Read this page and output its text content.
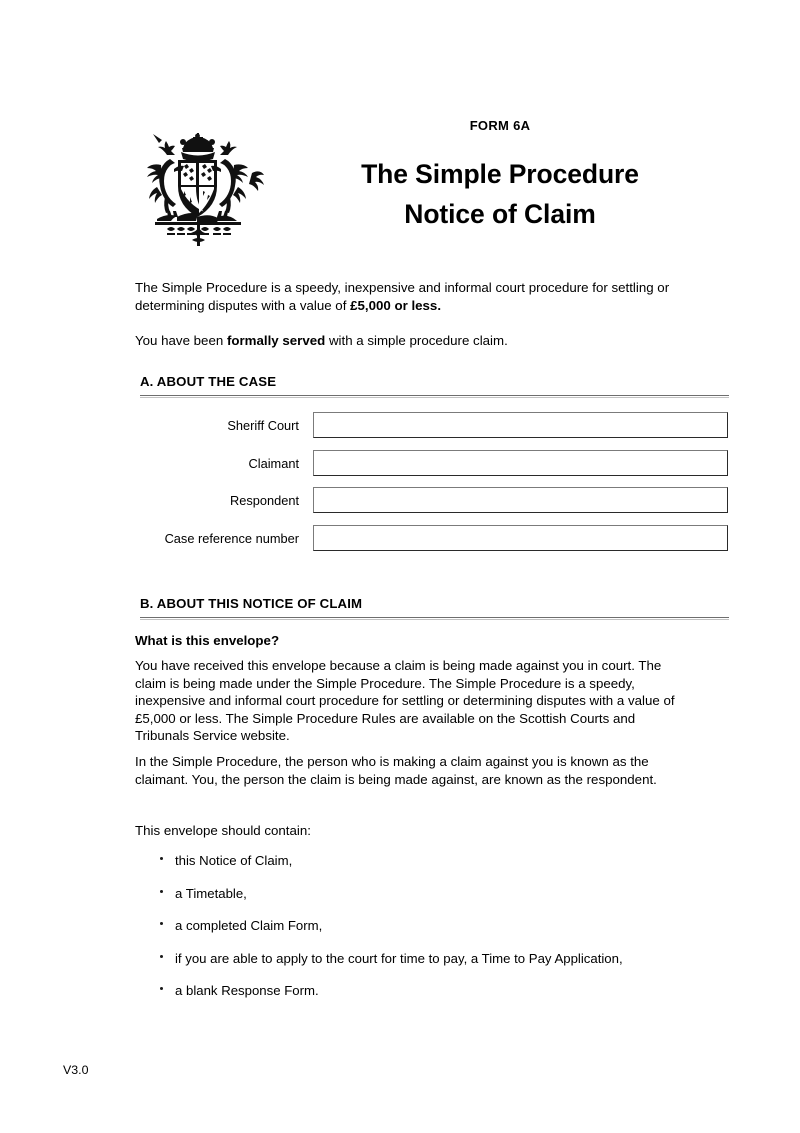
FORM 6A
The Simple Procedure
Notice of Claim

The Simple Procedure is a speedy, inexpensive and informal court procedure for settling or determining disputes with a value of £5,000 or less.

You have been formally served with a simple procedure claim.

A. ABOUT THE CASE
Sheriff Court
Claimant
Respondent
Case reference number
B. ABOUT THIS NOTICE OF CLAIM
What is this envelope?

You have received this envelope because a claim is being made against you in court. The claim is being made under the Simple Procedure. The Simple Procedure is a speedy, inexpensive and informal court procedure for settling or determining disputes with a value of £5,000 or less. The Simple Procedure Rules are available on the Scottish Courts and Tribunals Service website.

In the Simple Procedure, the person who is making a claim against you is known as the claimant. You, the person the claim is being made against, are known as the respondent.

This envelope should contain:

this Notice of Claim,
a Timetable,
a completed Claim Form,
if you are able to apply to the court for time to pay, a Time to Pay Application,
a blank Response Form.
V3.0
